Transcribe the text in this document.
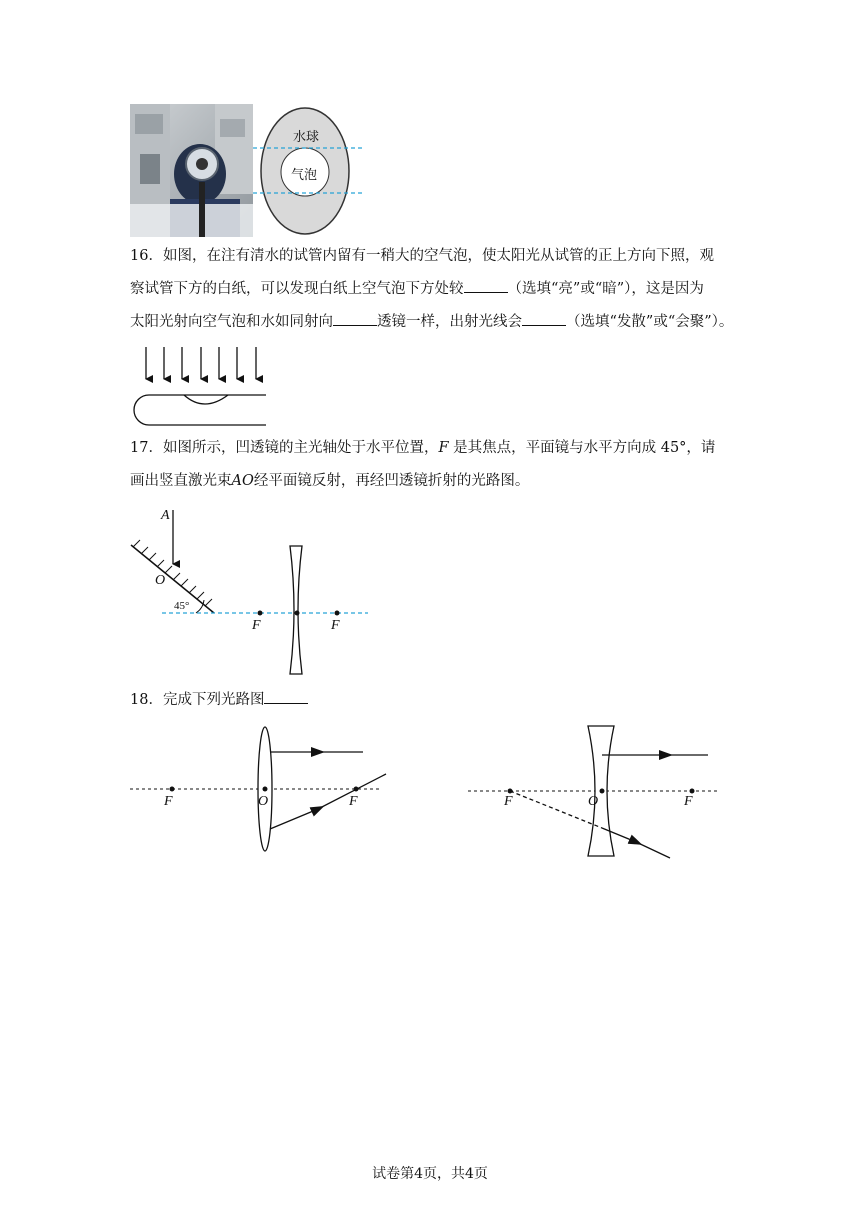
水球
气泡
16．如图，在注有清水的试管内留有一稍大的空气泡，使太阳光从试管的正上方向下照，观
察试管下方的白纸，可以发现白纸上空气泡下方处较	（选填“亮”或“暗”），这是因为
太阳光射向空气泡和水如同射向	透镜一样，出射光线会	（选填“发散”或“会聚”）。
17．如图所示，凹透镜的主光轴处于水平位置，F 是其焦点，平面镜与水平方向成 45°，请
画出竖直激光束AO经平面镜反射，再经凹透镜折射的光路图。
A
O
45°
F	F
18．完成下列光路图
F	O	F	F	O	F
试卷第4页，共4页
